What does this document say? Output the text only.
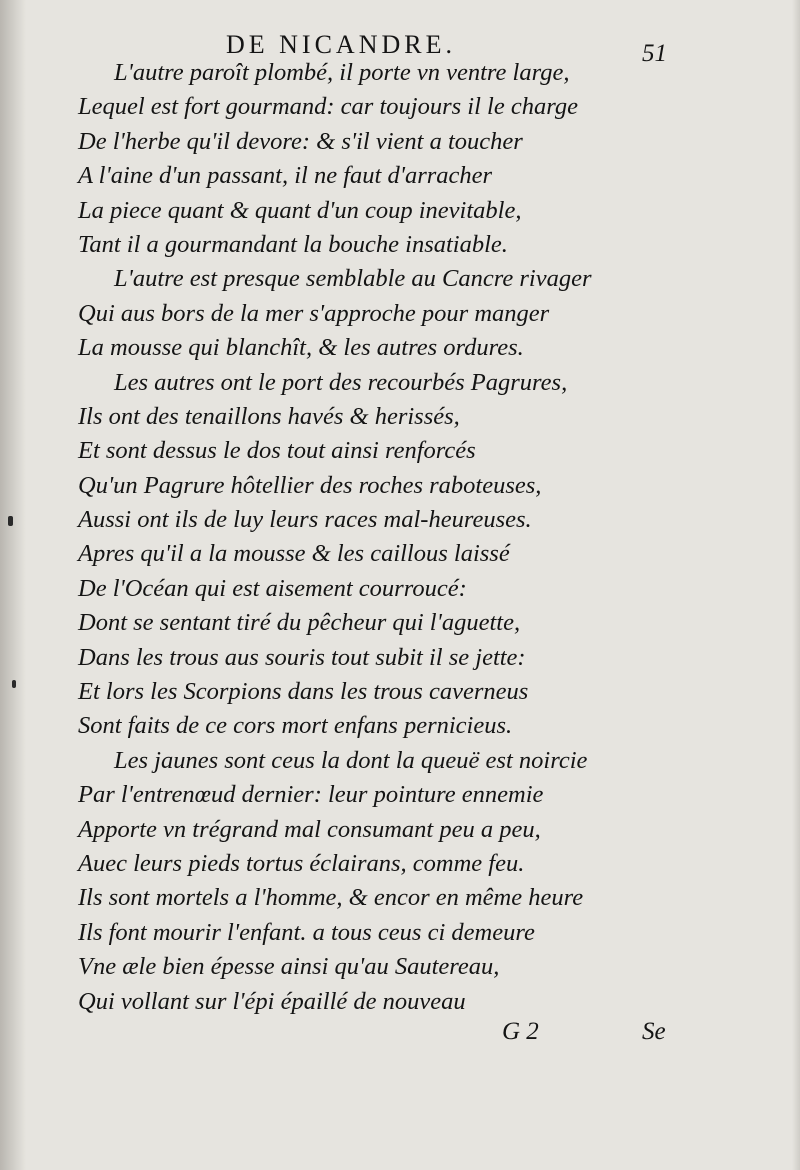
DE NICANDRE.	51
L'autre paroît plombé, il porte vn ventre large,
Lequel est fort gourmand: car toujours il le charge
De l'herbe qu'il devore: & s'il vient a toucher
A l'aine d'un passant, il ne faut d'arracher
La piece quant & quant d'un coup inevitable,
Tant il a gourmandant la bouche insatiable.
L'autre est presque semblable au Cancre rivager
Qui aus bors de la mer s'approche pour manger
La mousse qui blanchît, & les autres ordures.
Les autres ont le port des recourbés Pagrures,
Ils ont des tenaillons havés & herissés,
Et sont dessus le dos tout ainsi renforcés
Qu'un Pagrure hôtellier des roches raboteuses,
Aussi ont ils de luy leurs races mal-heureuses.
Apres qu'il a la mousse & les caillous laissé
De l'Océan qui est aisement courroucé:
Dont se sentant tiré du pêcheur qui l'aguette,
Dans les trous aus souris tout subit il se jette:
Et lors les Scorpions dans les trous caverneus
Sont faits de ce cors mort enfans pernicieus.
Les jaunes sont ceus la dont la queuë est noircie
Par l'entrenœud dernier: leur pointure ennemie
Apporte vn trégrand mal consumant peu a peu,
Auec leurs pieds tortus éclairans, comme feu.
Ils sont mortels a l'homme, & encor en même heure
Ils font mourir l'enfant. a tous ceus ci demeure
Vne æle bien épesse ainsi qu'au Sautereau,
Qui vollant sur l'épi épaillé de nouveau
G 2	Se
